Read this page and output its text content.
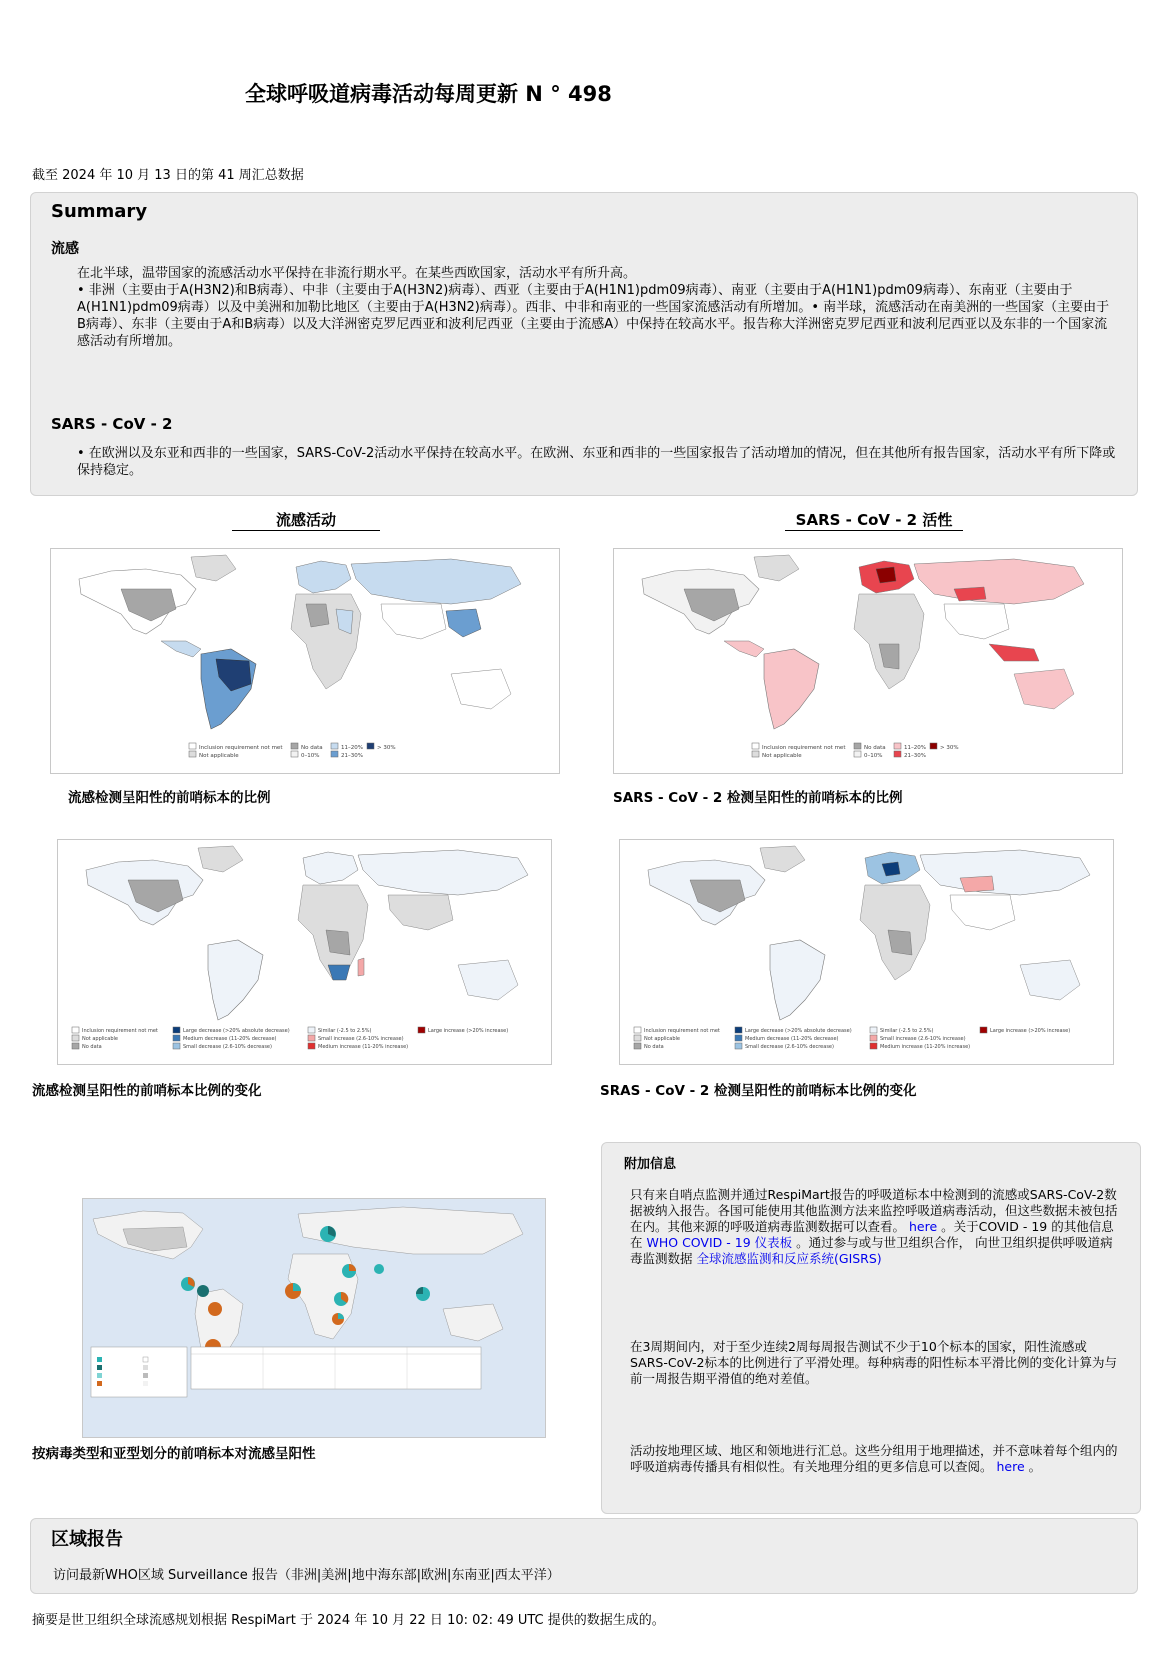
全球呼吸道病毒活动每周更新 N ° 498
截至 2024 年 10 月 13 日的第 41 周汇总数据
Summary
流感
在北半球，温带国家的流感活动水平保持在非流行期水平。在某些西欧国家，活动水平有所升高。
• 非洲（主要由于A(H3N2)和B病毒）、中非（主要由于A(H3N2)病毒）、西亚（主要由于A(H1N1)pdm09病毒）、南亚（主要由于A(H1N1)pdm09病毒）、东南亚（主要由于A(H1N1)pdm09病毒）以及中美洲和加勒比地区（主要由于A(H3N2)病毒）。西非、中非和南亚的一些国家流感活动有所增加。• 南半球，流感活动在南美洲的一些国家（主要由于B病毒）、东非（主要由于A和B病毒）以及大洋洲密克罗尼西亚和波利尼西亚（主要由于流感A）中保持在较高水平。报告称大洋洲密克罗尼西亚和波利尼西亚以及东非的一个国家流感活动有所增加。
SARS - CoV - 2
• 在欧洲以及东亚和西非的一些国家，SARS-CoV-2活动水平保持在较高水平。在欧洲、东亚和西非的一些国家报告了活动增加的情况，但在其他所有报告国家，活动水平有所下降或保持稳定。
流感活动	SARS - CoV - 2 活性
Inclusion requirement not met
Not applicable
No data
0–10%
11–20%
21–30%
> 30%	Inclusion requirement not met
Not applicable
No data
0–10%
11–20%
21–30%
> 30%
流感检测呈阳性的前哨标本的比例	SARS - CoV - 2 检测呈阳性的前哨标本的比例
Inclusion requirement not met
Not applicable
No data
Large decrease (>20% absolute decrease)
Medium decrease (11-20% decrease)
Small decrease (2.6-10% decrease)
Similar (-2.5 to 2.5%)
Small increase (2.6-10% increase)
Medium increase (11-20% increase)
Large increase (>20% increase)	Inclusion requirement not met
Not applicable
No data
Large decrease (>20% absolute decrease)
Medium decrease (11-20% decrease)
Small decrease (2.6-10% decrease)
Similar (-2.5 to 2.5%)
Small increase (2.6-10% increase)
Medium increase (11-20% increase)
Large increase (>20% increase)
流感检测呈阳性的前哨标本比例的变化	SRAS - CoV - 2 检测呈阳性的前哨标本比例的变化
按病毒类型和亚型划分的前哨标本对流感呈阳性
附加信息
只有来自哨点监测并通过RespiMart报告的呼吸道标本中检测到的流感或SARS-CoV-2数据被纳入报告。各国可能使用其他监测方法来监控呼吸道病毒活动，但这些数据未被包括在内。其他来源的呼吸道病毒监测数据可以查看。 here 。关于COVID - 19 的其他信息在 WHO COVID - 19 仪表板 。通过参与或与世卫组织合作， 向世卫组织提供呼吸道病毒监测数据 全球流感监测和反应系统(GISRS)
在3周期间内，对于至少连续2周每周报告测试不少于10个标本的国家，阳性流感或SARS-CoV-2标本的比例进行了平滑处理。每种病毒的阳性标本平滑比例的变化计算为与前一周报告期平滑值的绝对差值。
活动按地理区域、地区和领地进行汇总。这些分组用于地理描述，并不意味着每个组内的呼吸道病毒传播具有相似性。有关地理分组的更多信息可以查阅。 here 。
区域报告
访问最新WHO区域 Surveillance 报告（非洲|美洲|地中海东部|欧洲|东南亚|西太平洋）
摘要是世卫组织全球流感规划根据 RespiMart 于 2024 年 10 月 22 日 10: 02: 49 UTC 提供的数据生成的。
